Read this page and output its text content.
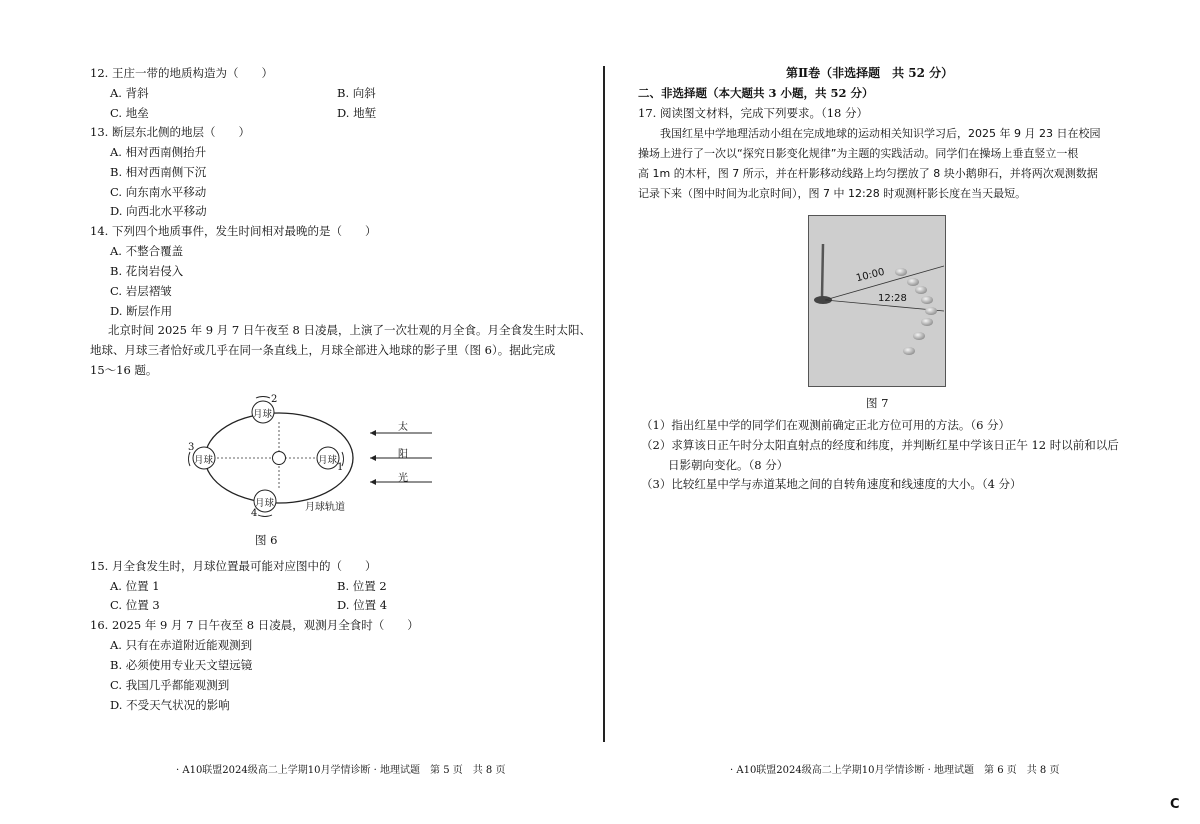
12. 王庄一带的地质构造为（　　）
A. 背斜	B. 向斜
C. 地垒	D. 地堑
13. 断层东北侧的地层（　　）
A. 相对西南侧抬升
B. 相对西南侧下沉
C. 向东南水平移动
D. 向西北水平移动
14. 下列四个地质事件，发生时间相对最晚的是（　　）
A. 不整合覆盖
B. 花岗岩侵入
C. 岩层褶皱
D. 断层作用
北京时间 2025 年 9 月 7 日午夜至 8 日凌晨，上演了一次壮观的月全食。月全食发生时太阳、
地球、月球三者恰好或几乎在同一条直线上，月球全部进入地球的影子里（图 6）。据此完成
15～16 题。
月球
月球	月球
月球
2
3
1
4
月球轨道
太
阳
光
图 6
15. 月全食发生时，月球位置最可能对应图中的（　　）
A. 位置 1	B. 位置 2
C. 位置 3	D. 位置 4
16. 2025 年 9 月 7 日午夜至 8 日凌晨，观测月全食时（　　）
A. 只有在赤道附近能观测到
B. 必须使用专业天文望远镜
C. 我国几乎都能观测到
D. 不受天气状况的影响
· A10联盟2024级高二上学期10月学情诊断 · 地理试题　第 5 页　共 8 页
第Ⅱ卷（非选择题　共 52 分）
二、非选择题（本大题共 3 小题，共 52 分）
17. 阅读图文材料，完成下列要求。（18 分）
我国红星中学地理活动小组在完成地球的运动相关知识学习后，2025 年 9 月 23 日在校园
操场上进行了一次以“探究日影变化规律”为主题的实践活动。同学们在操场上垂直竖立一根
高 1m 的木杆，图 7 所示，并在杆影移动线路上均匀摆放了 8 块小鹅卵石，并将两次观测数据
记录下来（图中时间为北京时间），图 7 中 12:28 时观测杆影长度在当天最短。
10:00
12:28
图 7
（1）指出红星中学的同学们在观测前确定正北方位可用的方法。（6 分）
（2）求算该日正午时分太阳直射点的经度和纬度，并判断红星中学该日正午 12 时以前和以后
日影朝向变化。（8 分）
（3）比较红星中学与赤道某地之间的自转角速度和线速度的大小。（4 分）
· A10联盟2024级高二上学期10月学情诊断 · 地理试题　第 6 页　共 8 页
C
